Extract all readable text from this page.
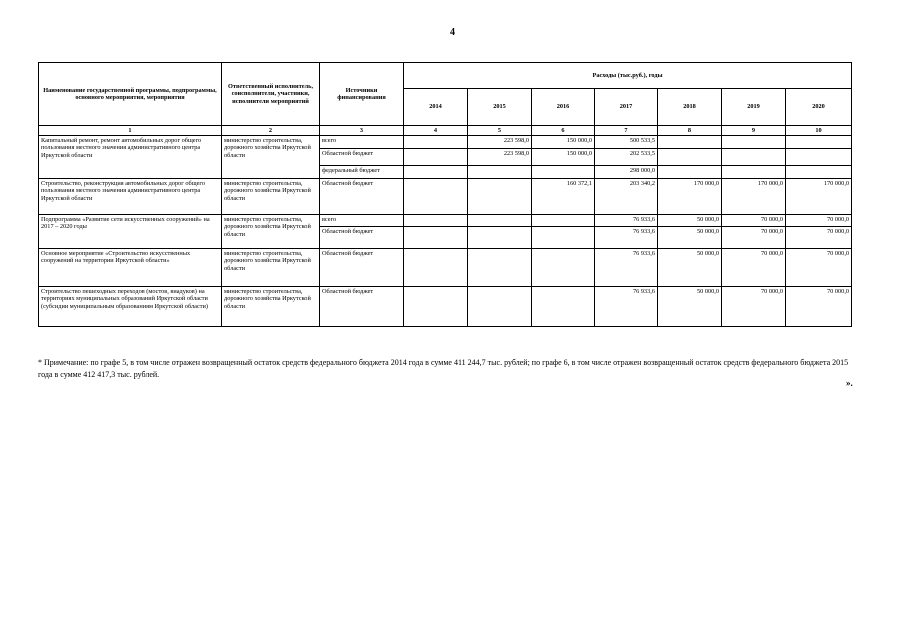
4
Наименование государственной программы, подпрограммы, основного мероприятия, мероприятия	Ответственный исполнитель, соисполнители, участники, исполнители мероприятий	Источники финансирования	Расходы (тыс.руб.), годы						
			2014	2015	2016	2017	2018	2019	2020
1	2	3	4	5	6	7	8	9	10
Капитальный ремонт, ремонт автомобильных дорог общего пользования местного значения административного центра Иркутской области	министерство строительства, дорожного хозяйства Иркутской области	всего		223 598,0	150 000,0	500 533,5			
		Областной бюджет		223 598,0	150 000,0	202 533,5			
		федеральный бюджет				298 000,0			
Строительство, реконструкция автомобильных дорог общего пользования местного значения административного центра Иркутской области	министерство строительства, дорожного хозяйства Иркутской области	Областной бюджет			160 372,1	203 340,2	170 000,0	170 000,0	170 000,0
Подпрограмма «Развитие сети искусственных сооружений» на 2017 – 2020 годы	министерство строительства, дорожного хозяйства Иркутской области	всего				76 933,6	50 000,0	70 000,0	70 000,0
		Областной бюджет				76 933,6	50 000,0	70 000,0	70 000,0
Основное мероприятие «Строительство искусственных сооружений на территории Иркутской области»	министерство строительства, дорожного хозяйства Иркутской области	Областной бюджет				76 933,6	50 000,0	70 000,0	70 000,0
Строительство пешеходных переходов (мостов, виадуков) на территориях муниципальных образований Иркутской области (субсидии муниципальным образованиям Иркутской области)	министерство строительства, дорожного хозяйства Иркутской области	Областной бюджет				76 933,6	50 000,0	70 000,0	70 000,0
* Примечание: по графе 5, в том числе отражен возвращенный остаток средств федерального бюджета 2014 года в сумме 411 244,7 тыс. рублей; по графе 6, в том числе отражен возвращенный остаток средств федерального бюджета 2015 года в сумме 412 417,3 тыс. рублей.
».
